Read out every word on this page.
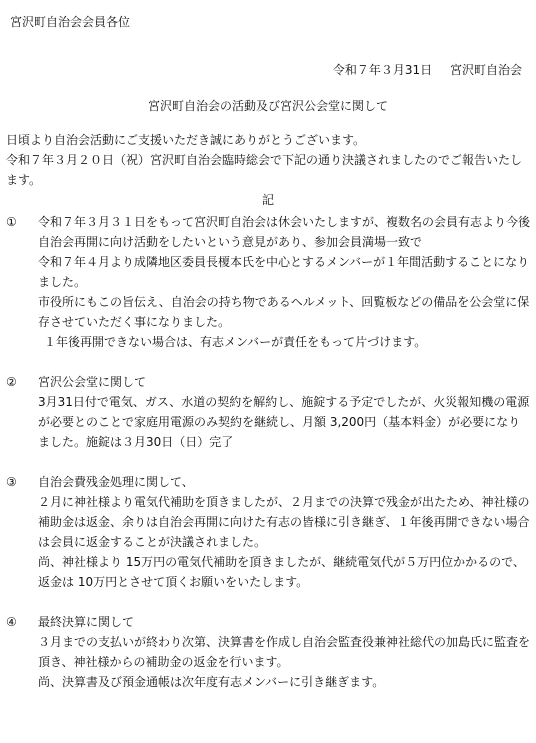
宮沢町自治会会員各位
令和７年３月31日 宮沢町自治会
宮沢町自治会の活動及び宮沢公会堂に関して

日頃より自治会活動にご支援いただき誠にありがとうございます。

令和７年３月２０日（祝）宮沢町自治会臨時総会で下記の通り決議されましたのでご報告いたします。

記
①	令和７年３月３１日をもって宮沢町自治会は休会いたしますが、複数名の会員有志より今後自治会再開に向け活動をしたいという意見があり、参加会員満場一致で

令和７年４月より成隣地区委員長榎本氏を中心とするメンバーが１年間活動することになりました。

市役所にもこの旨伝え、自治会の持ち物であるヘルメット、回覧板などの備品を公会堂に保存させていただく事になりました。

１年後再開できない場合は、有志メンバーが責任をもって片づけます。

②	宮沢公会堂に関して

3月31日付で電気、ガス、水道の契約を解約し、施錠する予定でしたが、火災報知機の電源が必要とのことで家庭用電源のみ契約を継続し、月額 3,200円（基本料金）が必要になりました。施錠は３月30日（日）完了

③	自治会費残金処理に関して、

２月に神社様より電気代補助を頂きましたが、２月までの決算で残金が出たため、神社様の補助金は返金、余りは自治会再開に向けた有志の皆様に引き継ぎ、１年後再開できない場合は会員に返金することが決議されました。

尚、神社様より 15万円の電気代補助を頂きましたが、継続電気代が５万円位かかるので、返金は 10万円とさせて頂くお願いをいたします。

④	最終決算に関して

３月までの支払いが終わり次第、決算書を作成し自治会監査役兼神社総代の加島氏に監査を頂き、神社様からの補助金の返金を行います。

尚、決算書及び預金通帳は次年度有志メンバーに引き継ぎます。
